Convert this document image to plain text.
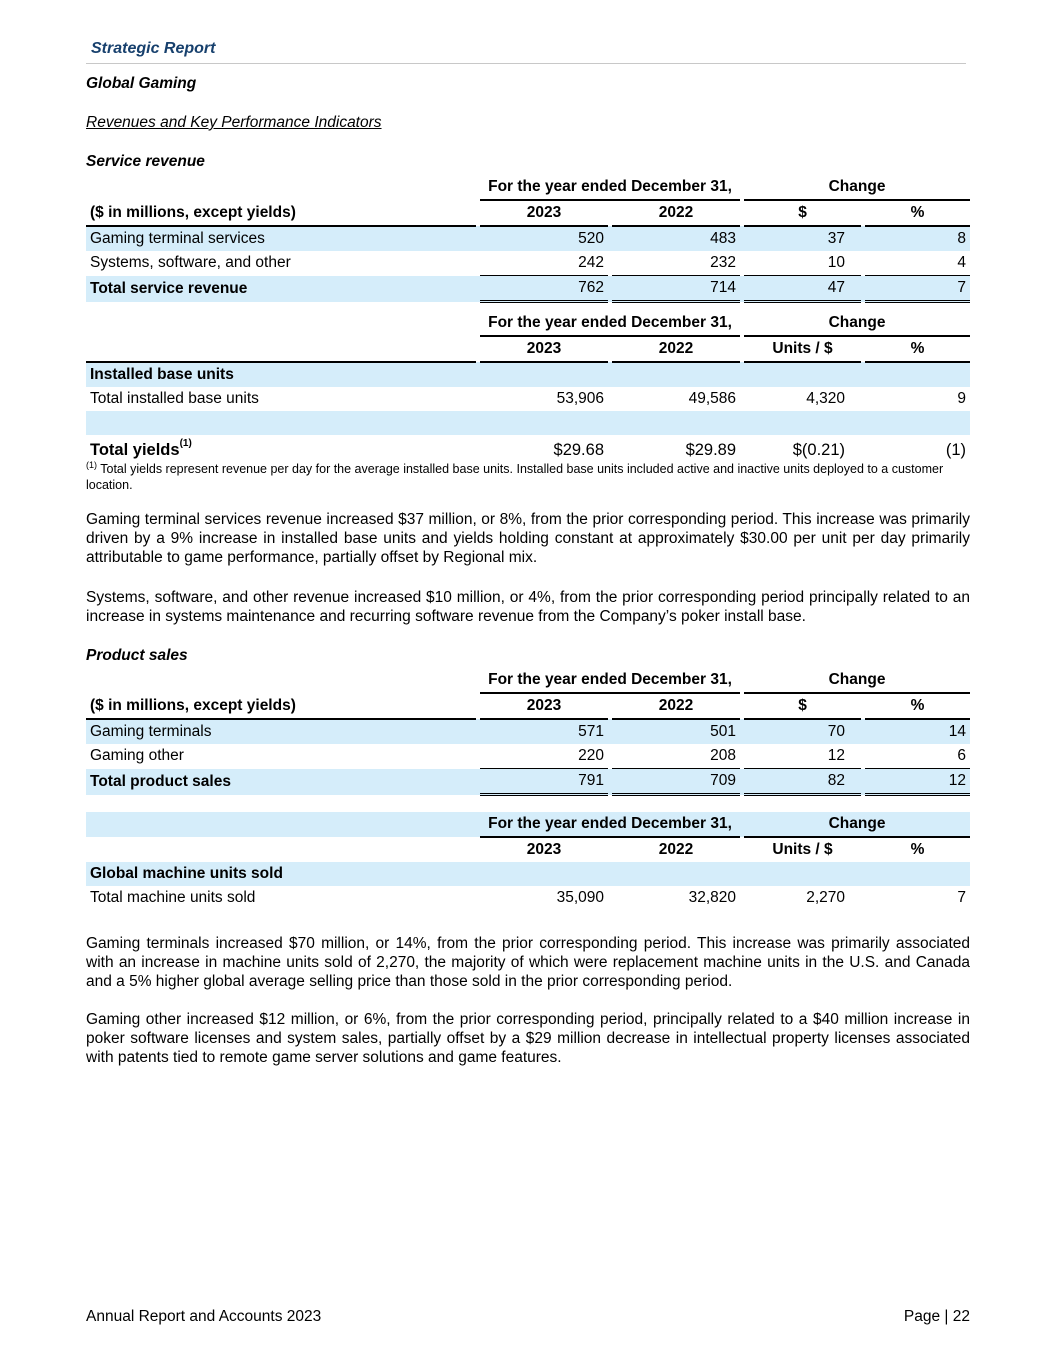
Strategic Report
Global Gaming
Revenues and Key Performance Indicators
Service revenue
		For the year ended December 31,				Change		
($ in millions, except yields)		2023		2022		$		%
Gaming terminal services		520		483		37		8
Systems, software, and other		242		232		10		4
Total service revenue		762		714		47		7
		For the year ended December 31,				Change		
		2023		2022		Units / $		%
Installed base units								
Total installed base units		53,906		49,586		4,320		9

Total yields$^{(1)}$		$29.68		$29.89		$(0.21)		(1)
$^{(1)}$ Total yields represent revenue per day for the average installed base units. Installed base units included active and inactive units deployed to a customer location.

Gaming terminal services revenue increased $37 million, or 8%, from the prior corresponding period. This increase was primarily driven by a 9% increase in installed base units and yields holding constant at approximately $30.00 per unit per day primarily attributable to game performance, partially offset by Regional mix.

Systems, software, and other revenue increased $10 million, or 4%, from the prior corresponding period principally related to an increase in systems maintenance and recurring software revenue from the Company’s poker install base.

Product sales
		For the year ended December 31,				Change		
($ in millions, except yields)		2023		2022		$		%
Gaming terminals		571		501		70		14
Gaming other		220		208		12		6
Total product sales		791		709		82		12
		For the year ended December 31,				Change		
		2023		2022		Units / $		%
Global machine units sold								
Total machine units sold		35,090		32,820		2,270		7

Gaming terminals increased $70 million, or 14%, from the prior corresponding period. This increase was primarily associated with an increase in machine units sold of 2,270, the majority of which were replacement machine units in the U.S. and Canada and a 5% higher global average selling price than those sold in the prior corresponding period.

Gaming other increased $12 million, or 6%, from the prior corresponding period, principally related to a $40 million increase in poker software licenses and system sales, partially offset by a $29 million decrease in intellectual property licenses associated with patents tied to remote game server solutions and game features.

Annual Report and Accounts 2023	Page | 22
